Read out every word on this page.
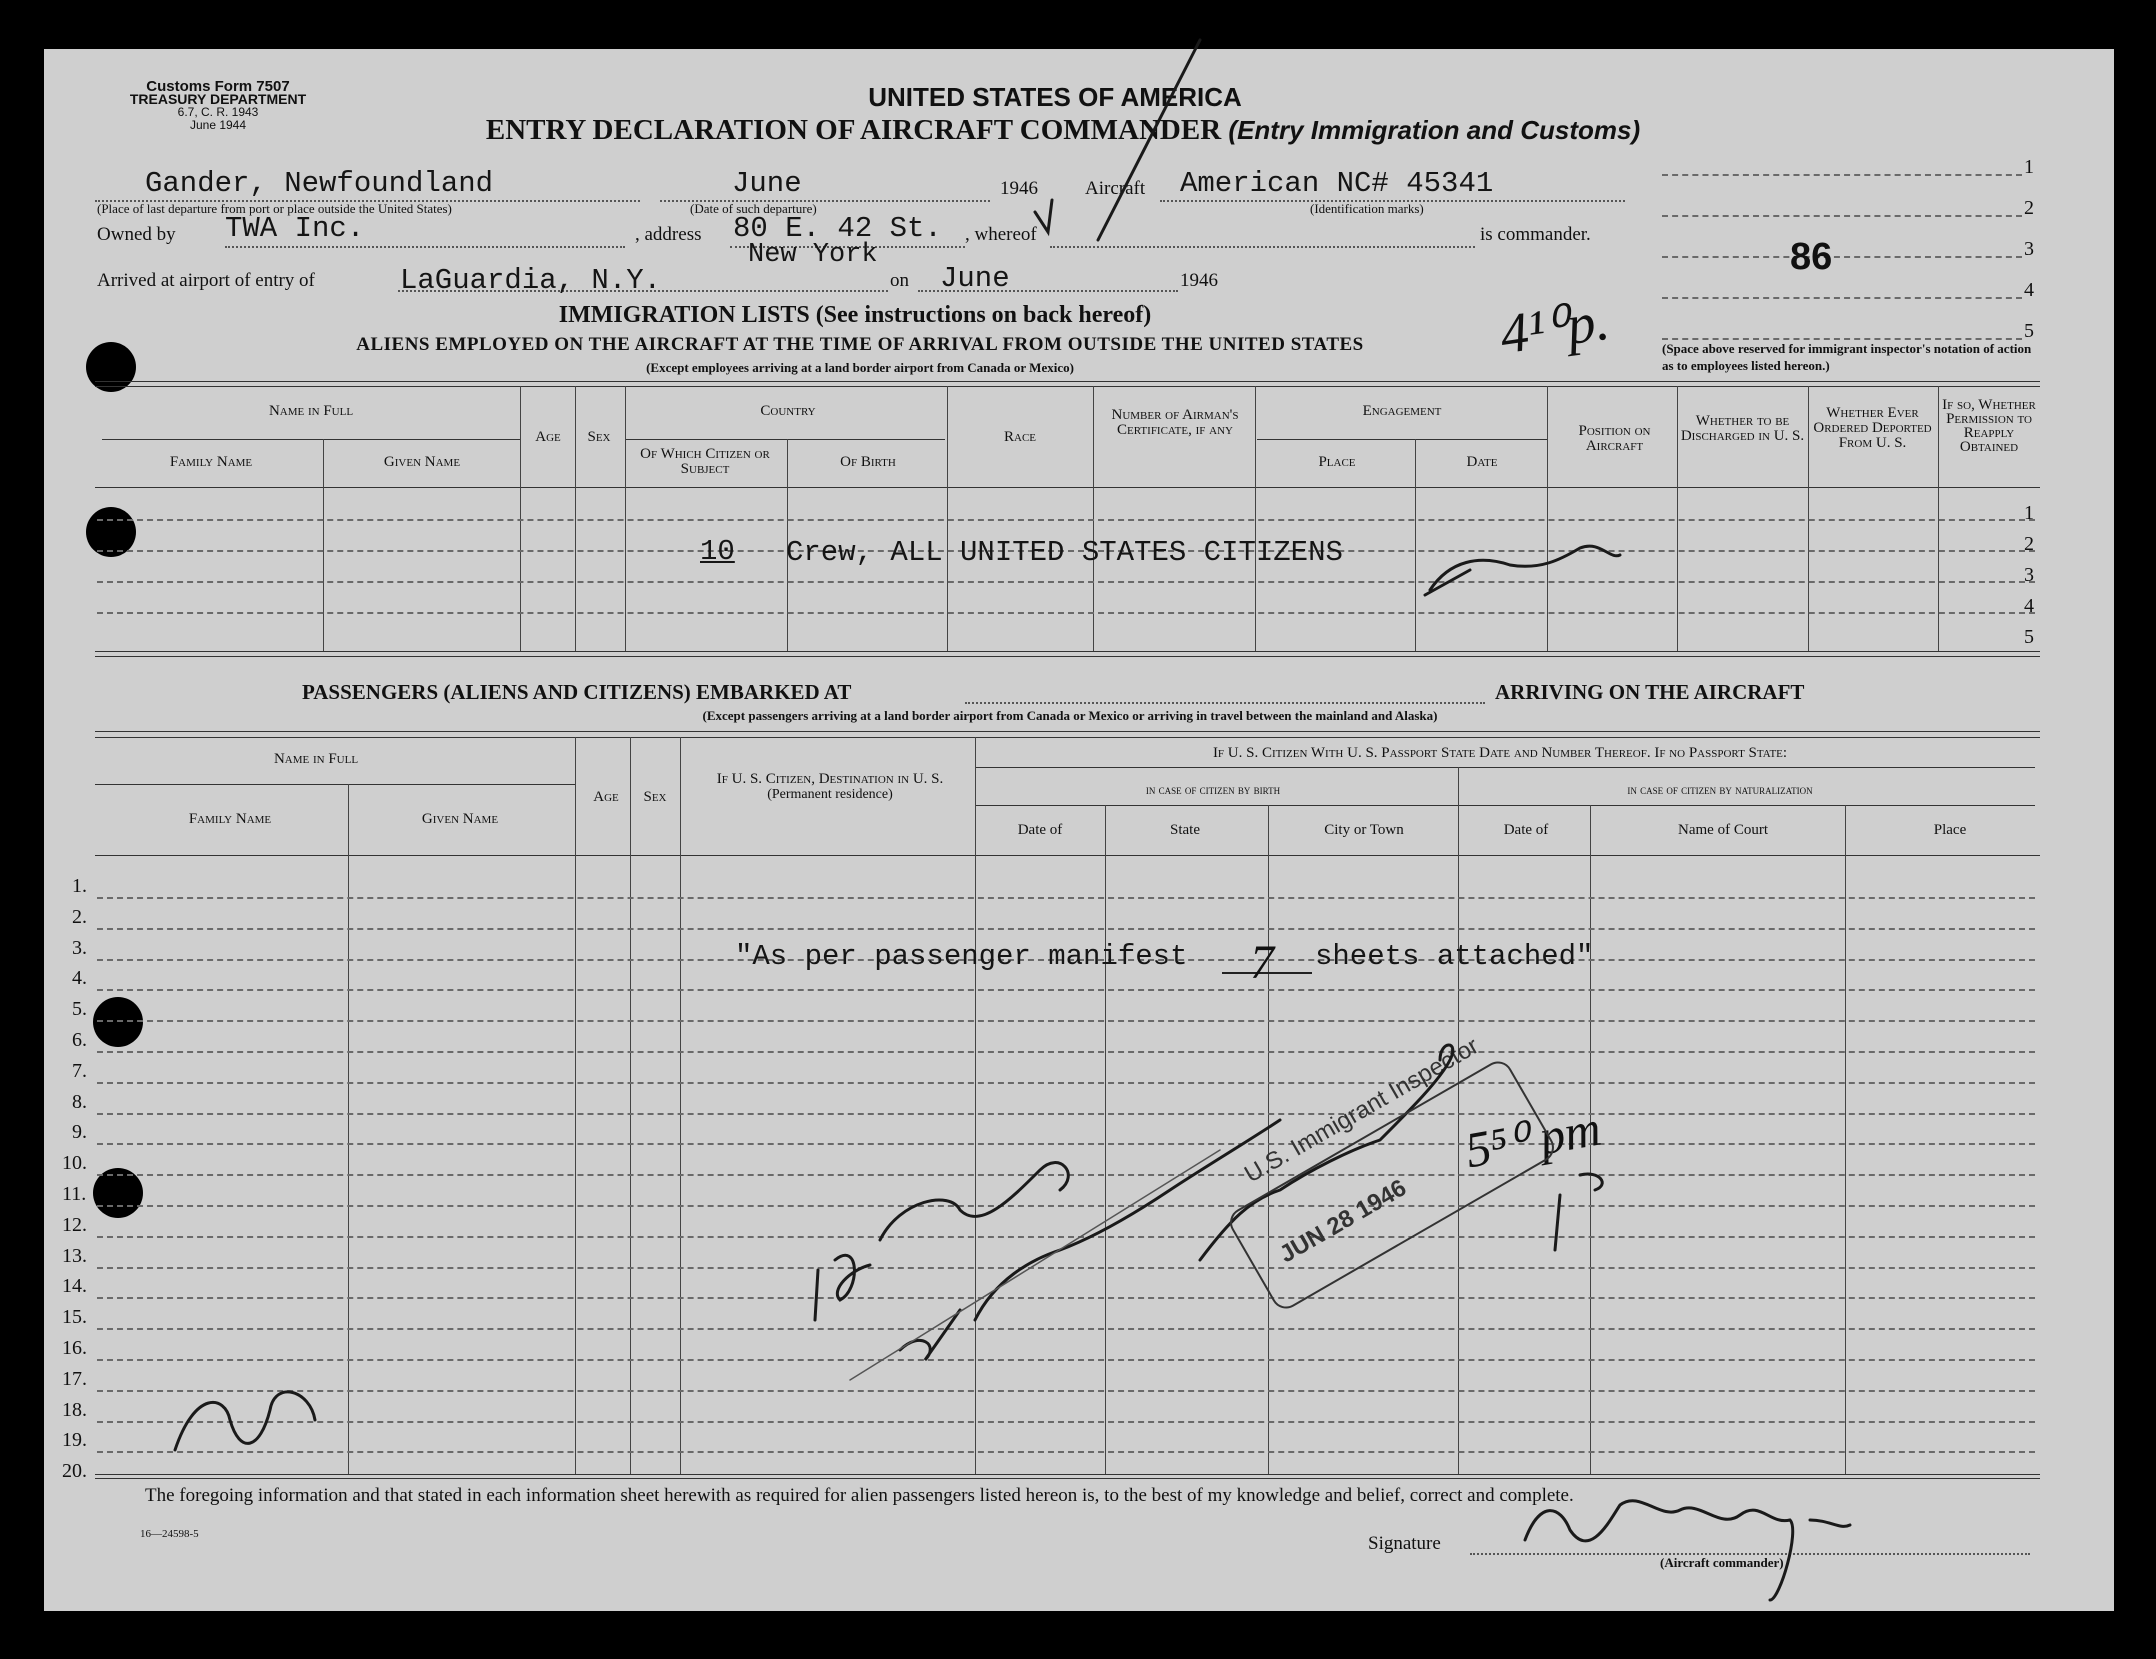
Customs Form 7507
TREASURY DEPARTMENT
6.7, C. R. 1943
June 1944
UNITED STATES OF AMERICA
ENTRY DECLARATION OF AIRCRAFT COMMANDER (Entry Immigration and Customs)
Gander, Newfoundland
(Place of last departure from port or place outside the United States)
June
(Date of such departure)
1946 Aircraft American NC# 45341
(Identification marks)
Owned by TWA Inc.	, address 80 E. 42 St. , whereof	is commander.
Arrived at airport of entry of	LaGuardia, N.Y.
New York
on June	1946
1
2
3
4
5
86
(Space above reserved for immigrant inspector's notation of action as to employees listed hereon.)
IMMIGRATION LISTS (See instructions on back hereof)
ALIENS EMPLOYED ON THE AIRCRAFT AT THE TIME OF ARRIVAL FROM OUTSIDE THE UNITED STATES
(Except employees arriving at a land border airport from Canada or Mexico)
4¹⁰p.
1
2
3
4
5
Name in Full
Family Name	Given Name
Age Sex
Country
Of Which Citizen or Subject	Of Birth
Race
Number of Airman's Certificate, if any
Engagement
Place	Date
Position on Aircraft
Whether to be Discharged in U. S.
Whether Ever Ordered Deported From U. S.
If so, Whether Permission to Reapply Obtained
10 Crew, ALL UNITED STATES CITIZENS
PASSENGERS (ALIENS AND CITIZENS) EMBARKED AT	ARRIVING ON THE AIRCRAFT
(Except passengers arriving at a land border airport from Canada or Mexico or arriving in travel between the mainland and Alaska)
1.
2.
3.
4.
5.
6.
7.
8.
9.
10.
11.
12.
13.
14.
15.
16.
17.
18.
19.
20.
Name in Full
Family Name	Given Name
Age Sex
If U. S. Citizen, Destination in U. S.
(Permanent residence)
If U. S. Citizen With U. S. Passport State Date and Number Thereof. If no Passport State:
in case of citizen by birth	in case of citizen by naturalization
Date of	State	City or Town	Date of	Name of Court	Place
"As per passenger manifest 7 sheets attached"
U.S. Immigrant Inspector
JUN 28 1946
5⁵⁰ pm
The foregoing information and that stated in each information sheet herewith as required for alien passengers listed hereon is, to the best of my knowledge and belief, correct and complete.
16—24598-5	Signature
(Aircraft commander)
